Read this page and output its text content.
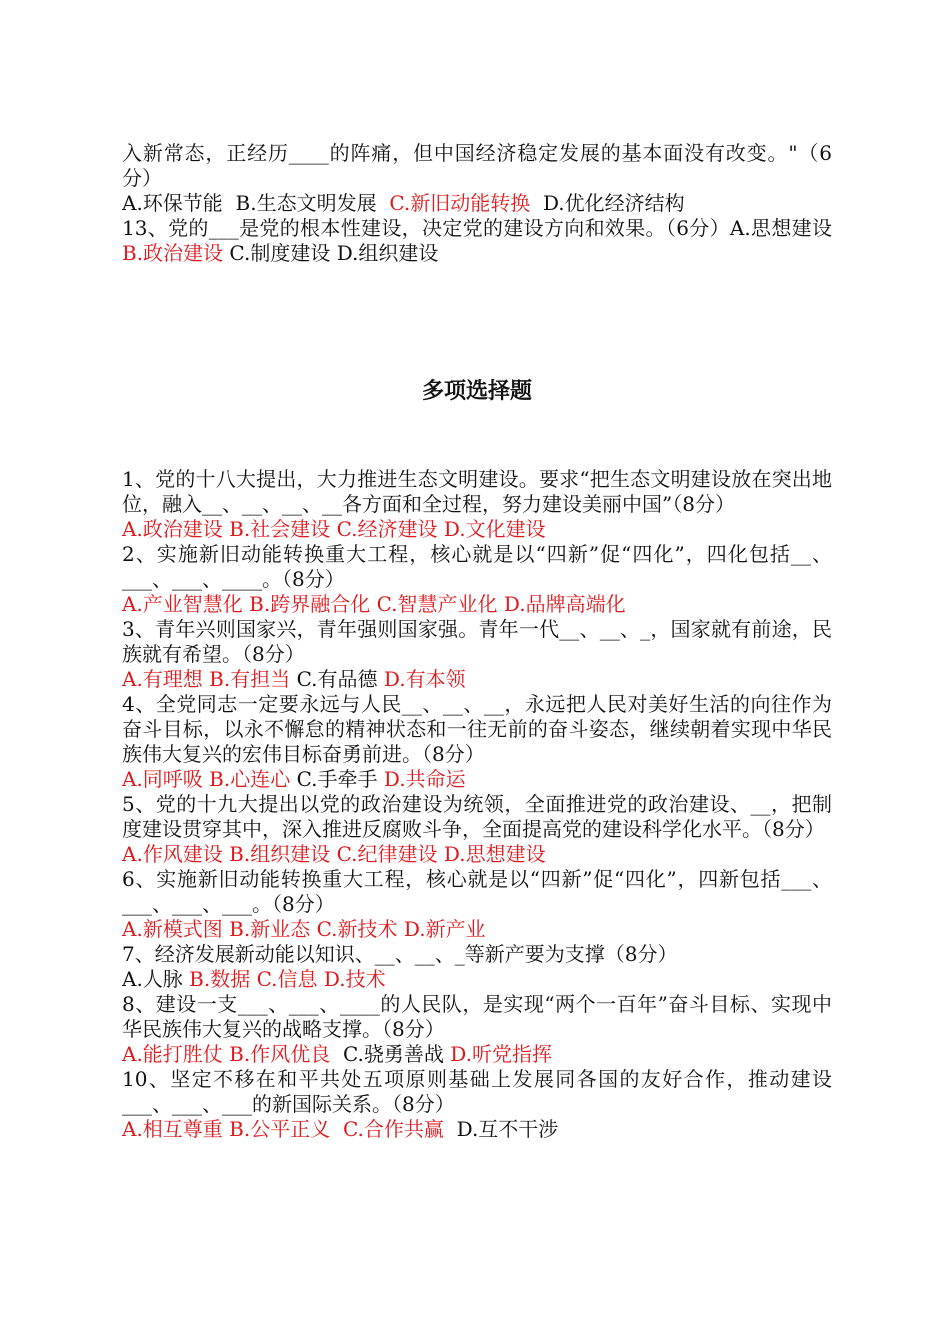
入新常态，正经历____的阵痛，但中国经济稳定发展的基本面没有改变。"（6分）

A.环保节能 B.生态文明发展 C.新旧动能转换 D.优化经济结构

13、党的___是党的根本性建设，决定党的建设方向和效果。（6分）A.思想建设 B.政治建设 C.制度建设 D.组织建设

多项选择题

1、党的十八大提出，大力推进生态文明建设。要求“把生态文明建设放在突出地位，融入__、__、__、__各方面和全过程，努力建设美丽中国”（8分）

A.政治建设 B.社会建设 C.经济建设 D.文化建设

2、实施新旧动能转换重大工程，核心就是以“四新”促“四化”，四化包括__、___、___、____。（8分）

A.产业智慧化 B.跨界融合化 C.智慧产业化 D.品牌高端化

3、青年兴则国家兴，青年强则国家强。青年一代__、__、_，国家就有前途，民族就有希望。（8分）

A.有理想 B.有担当 C.有品德 D.有本领

4、全党同志一定要永远与人民__、__、__，永远把人民对美好生活的向往作为奋斗目标，以永不懈怠的精神状态和一往无前的奋斗姿态，继续朝着实现中华民族伟大复兴的宏伟目标奋勇前进。（8分）

A.同呼吸 B.心连心 C.手牵手 D.共命运

5、党的十九大提出以党的政治建设为统领，全面推进党的政治建设、__，把制度建设贯穿其中，深入推进反腐败斗争，全面提高党的建设科学化水平。（8分）

A.作风建设 B.组织建设 C.纪律建设 D.思想建设

6、实施新旧动能转换重大工程，核心就是以“四新”促“四化”，四新包括___、___、___、___。（8分）

A.新模式图 B.新业态 C.新技术 D.新产业

7、经济发展新动能以知识、__、__、_等新产要为支撑（8分）

A.人脉 B.数据 C.信息 D.技术

8、建设一支___、___、____的人民队，是实现“两个一百年”奋斗目标、实现中华民族伟大复兴的战略支撑。（8分）

A.能打胜仗 B.作风优良 C.骁勇善战 D.听党指挥

10、坚定不移在和平共处五项原则基础上发展同各国的友好合作，推动建设___、___、___的新国际关系。（8分）

A.相互尊重 B.公平正义 C.合作共赢 D.互不干涉
